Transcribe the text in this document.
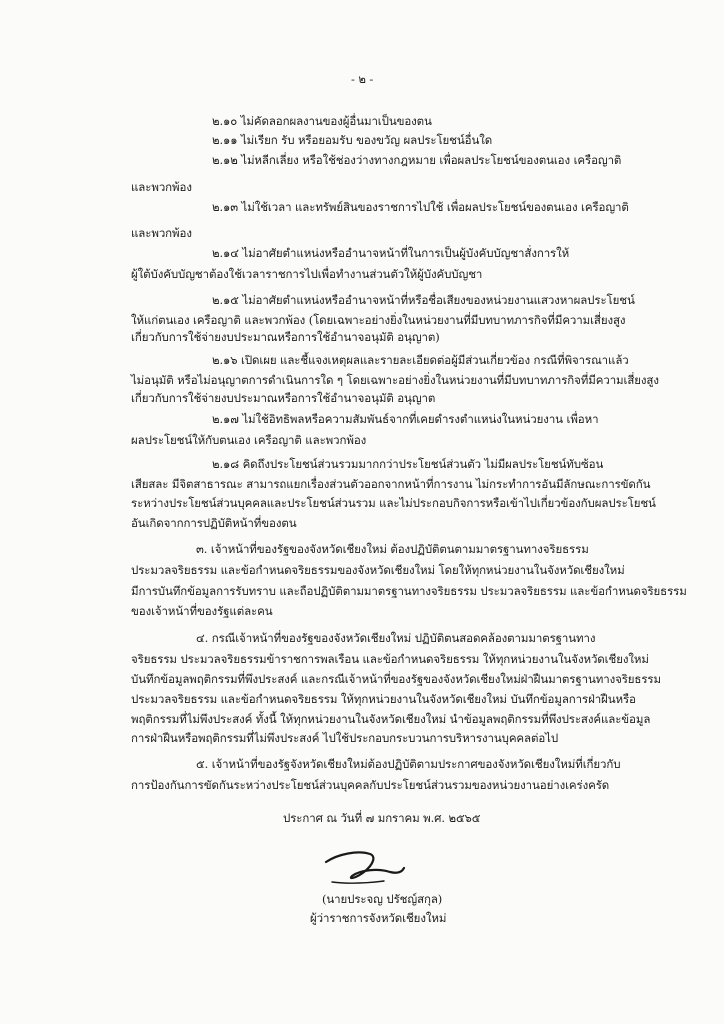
- ๒ -
๒.๑๐ ไม่คัดลอกผลงานของผู้อื่นมาเป็นของตน
๒.๑๑ ไม่เรียก รับ หรือยอมรับ ของขวัญ ผลประโยชน์อื่นใด
๒.๑๒ ไม่หลีกเลี่ยง หรือใช้ช่องว่างทางกฎหมาย เพื่อผลประโยชน์ของตนเอง เครือญาติ
และพวกพ้อง
๒.๑๓ ไม่ใช้เวลา และทรัพย์สินของราชการไปใช้ เพื่อผลประโยชน์ของตนเอง เครือญาติ
และพวกพ้อง
๒.๑๔ ไม่อาศัยตำแหน่งหรืออำนาจหน้าที่ในการเป็นผู้บังคับบัญชาสั่งการให้
ผู้ใต้บังคับบัญชาต้องใช้เวลาราชการไปเพื่อทำงานส่วนตัวให้ผู้บังคับบัญชา
๒.๑๕ ไม่อาศัยตำแหน่งหรืออำนาจหน้าที่หรือชื่อเสียงของหน่วยงานแสวงหาผลประโยชน์
ให้แก่ตนเอง เครือญาติ และพวกพ้อง (โดยเฉพาะอย่างยิ่งในหน่วยงานที่มีบทบาทภารกิจที่มีความเสี่ยงสูง
เกี่ยวกับการใช้จ่ายงบประมาณหรือการใช้อำนาจอนุมัติ อนุญาต)
๒.๑๖ เปิดเผย และชี้แจงเหตุผลและรายละเอียดต่อผู้มีส่วนเกี่ยวข้อง กรณีที่พิจารณาแล้ว
ไม่อนุมัติ หรือไม่อนุญาตการดำเนินการใด ๆ โดยเฉพาะอย่างยิ่งในหน่วยงานที่มีบทบาทภารกิจที่มีความเสี่ยงสูง
เกี่ยวกับการใช้จ่ายงบประมาณหรือการใช้อำนาจอนุมัติ อนุญาต
๒.๑๗ ไม่ใช้อิทธิพลหรือความสัมพันธ์จากที่เคยดำรงตำแหน่งในหน่วยงาน เพื่อหา
ผลประโยชน์ให้กับตนเอง เครือญาติ และพวกพ้อง
๒.๑๘ คิดถึงประโยชน์ส่วนรวมมากกว่าประโยชน์ส่วนตัว ไม่มีผลประโยชน์ทับซ้อน
เสียสละ มีจิตสาธารณะ สามารถแยกเรื่องส่วนตัวออกจากหน้าที่การงาน ไม่กระทำการอันมีลักษณะการขัดกัน
ระหว่างประโยชน์ส่วนบุคคลและประโยชน์ส่วนรวม และไม่ประกอบกิจการหรือเข้าไปเกี่ยวข้องกับผลประโยชน์
อันเกิดจากการปฏิบัติหน้าที่ของตน
๓. เจ้าหน้าที่ของรัฐของจังหวัดเชียงใหม่ ต้องปฏิบัติตนตามมาตรฐานทางจริยธรรม
ประมวลจริยธรรม และข้อกำหนดจริยธรรมของจังหวัดเชียงใหม่ โดยให้ทุกหน่วยงานในจังหวัดเชียงใหม่
มีการบันทึกข้อมูลการรับทราบ และถือปฏิบัติตามมาตรฐานทางจริยธรรม ประมวลจริยธรรม และข้อกำหนดจริยธรรม
ของเจ้าหน้าที่ของรัฐแต่ละคน
๔. กรณีเจ้าหน้าที่ของรัฐของจังหวัดเชียงใหม่ ปฏิบัติตนสอดคล้องตามมาตรฐานทาง
จริยธรรม ประมวลจริยธรรมข้าราชการพลเรือน และข้อกำหนดจริยธรรม ให้ทุกหน่วยงานในจังหวัดเชียงใหม่
บันทึกข้อมูลพฤติกรรมที่พึงประสงค์ และกรณีเจ้าหน้าที่ของรัฐของจังหวัดเชียงใหม่ฝ่าฝืนมาตรฐานทางจริยธรรม
ประมวลจริยธรรม และข้อกำหนดจริยธรรม ให้ทุกหน่วยงานในจังหวัดเชียงใหม่ บันทึกข้อมูลการฝ่าฝืนหรือ
พฤติกรรมที่ไม่พึงประสงค์ ทั้งนี้ ให้ทุกหน่วยงานในจังหวัดเชียงใหม่ นำข้อมูลพฤติกรรมที่พึงประสงค์และข้อมูล
การฝ่าฝืนหรือพฤติกรรมที่ไม่พึงประสงค์ ไปใช้ประกอบกระบวนการบริหารงานบุคคลต่อไป
๕. เจ้าหน้าที่ของรัฐจังหวัดเชียงใหม่ต้องปฏิบัติตามประกาศของจังหวัดเชียงใหม่ที่เกี่ยวกับ
การป้องกันการขัดกันระหว่างประโยชน์ส่วนบุคคลกับประโยชน์ส่วนรวมของหน่วยงานอย่างเคร่งครัด
ประกาศ ณ วันที่ ๗ มกราคม พ.ศ. ๒๕๖๕
(นายประจญ ปรัชญ์สกุล)
ผู้ว่าราชการจังหวัดเชียงใหม่
